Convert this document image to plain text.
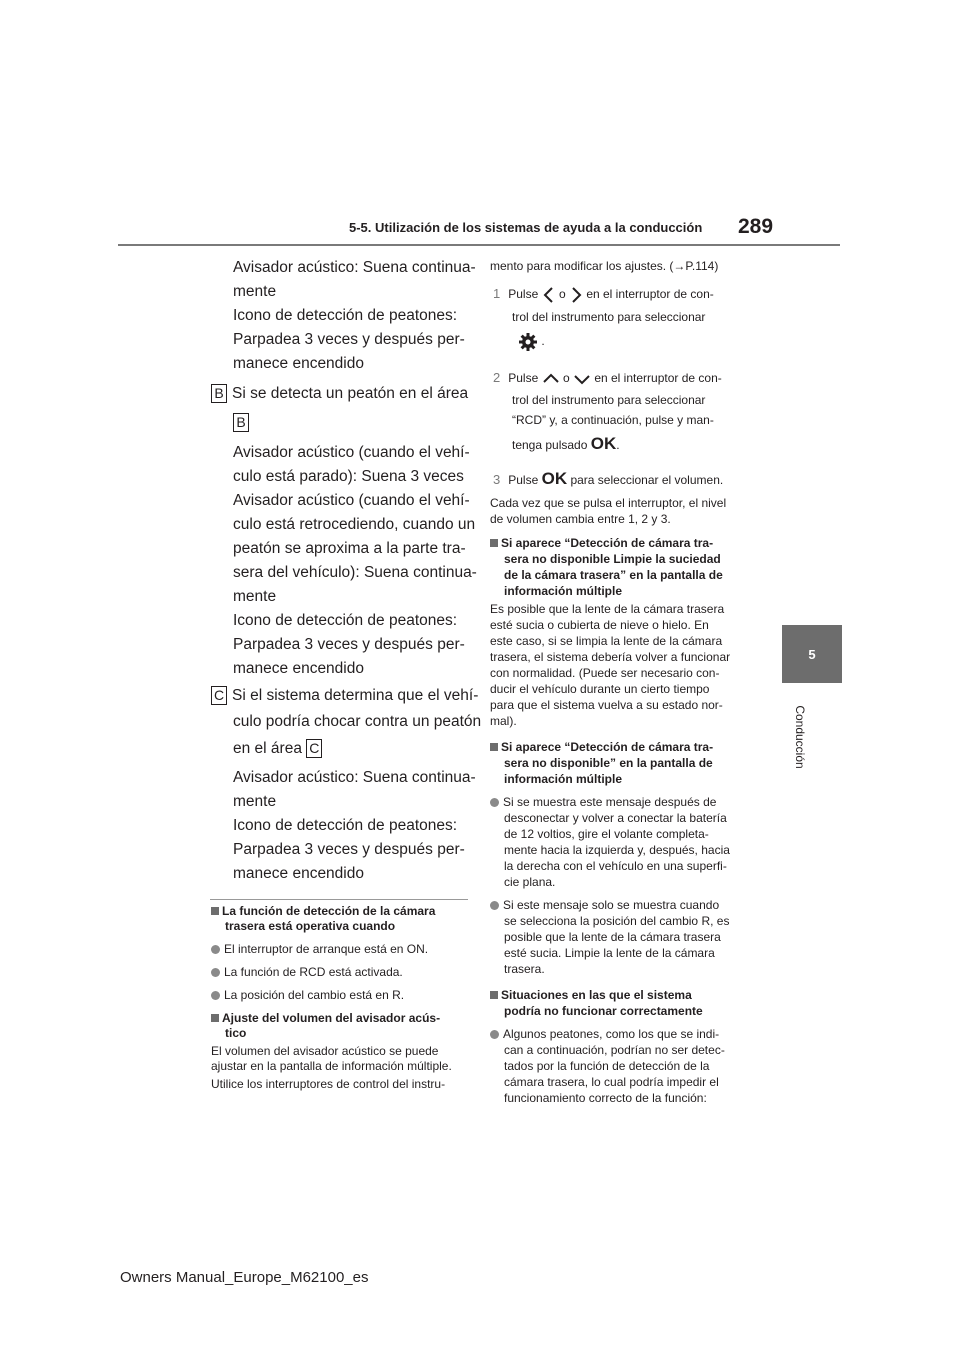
5-5. Utilización de los sistemas de ayuda a la conducción 289
5
Conducción
Avisador acústico: Suena continua-
mente
Icono de detección de peatones:
Parpadea 3 veces y después per-
manece encendido
B Si se detecta un peatón en el área
B
Avisador acústico (cuando el vehí-
culo está parado): Suena 3 veces
Avisador acústico (cuando el vehí-
culo está retrocediendo, cuando un
peatón se aproxima a la parte tra-
sera del vehículo): Suena continua-
mente
Icono de detección de peatones:
Parpadea 3 veces y después per-
manece encendido
C Si el sistema determina que el vehí-
culo podría chocar contra un peatón
en el área C
Avisador acústico: Suena continua-
mente
Icono de detección de peatones:
Parpadea 3 veces y después per-
manece encendido
La función de detección de la cámara
trasera está operativa cuando
El interruptor de arranque está en ON.
La función de RCD está activada.
La posición del cambio está en R.
Ajuste del volumen del avisador acús-
tico
El volumen del avisador acústico se puede
ajustar en la pantalla de información múltiple.
Utilice los interruptores de control del instru-
mento para modificar los ajustes. (→P.114)
1 Pulse o en el interruptor de con-
trol del instrumento para seleccionar
.
2 Pulse o en el interruptor de con-
trol del instrumento para seleccionar
“RCD” y, a continuación, pulse y man-
tenga pulsado OK.
3 Pulse OK para seleccionar el volumen.
Cada vez que se pulsa el interruptor, el nivel
de volumen cambia entre 1, 2 y 3.
Si aparece “Detección de cámara tra-
sera no disponible Limpie la suciedad
de la cámara trasera” en la pantalla de
información múltiple
Es posible que la lente de la cámara trasera
esté sucia o cubierta de nieve o hielo. En
este caso, si se limpia la lente de la cámara
trasera, el sistema debería volver a funcionar
con normalidad. (Puede ser necesario con-
ducir el vehículo durante un cierto tiempo
para que el sistema vuelva a su estado nor-
mal).
Si aparece “Detección de cámara tra-
sera no disponible” en la pantalla de
información múltiple
Si se muestra este mensaje después de
desconectar y volver a conectar la batería
de 12 voltios, gire el volante completa-
mente hacia la izquierda y, después, hacia
la derecha con el vehículo en una superfi-
cie plana.
Si este mensaje solo se muestra cuando
se selecciona la posición del cambio R, es
posible que la lente de la cámara trasera
esté sucia. Limpie la lente de la cámara
trasera.
Situaciones en las que el sistema
podría no funcionar correctamente
Algunos peatones, como los que se indi-
can a continuación, podrían no ser detec-
tados por la función de detección de la
cámara trasera, lo cual podría impedir el
funcionamiento correcto de la función:
Owners Manual_Europe_M62100_es
